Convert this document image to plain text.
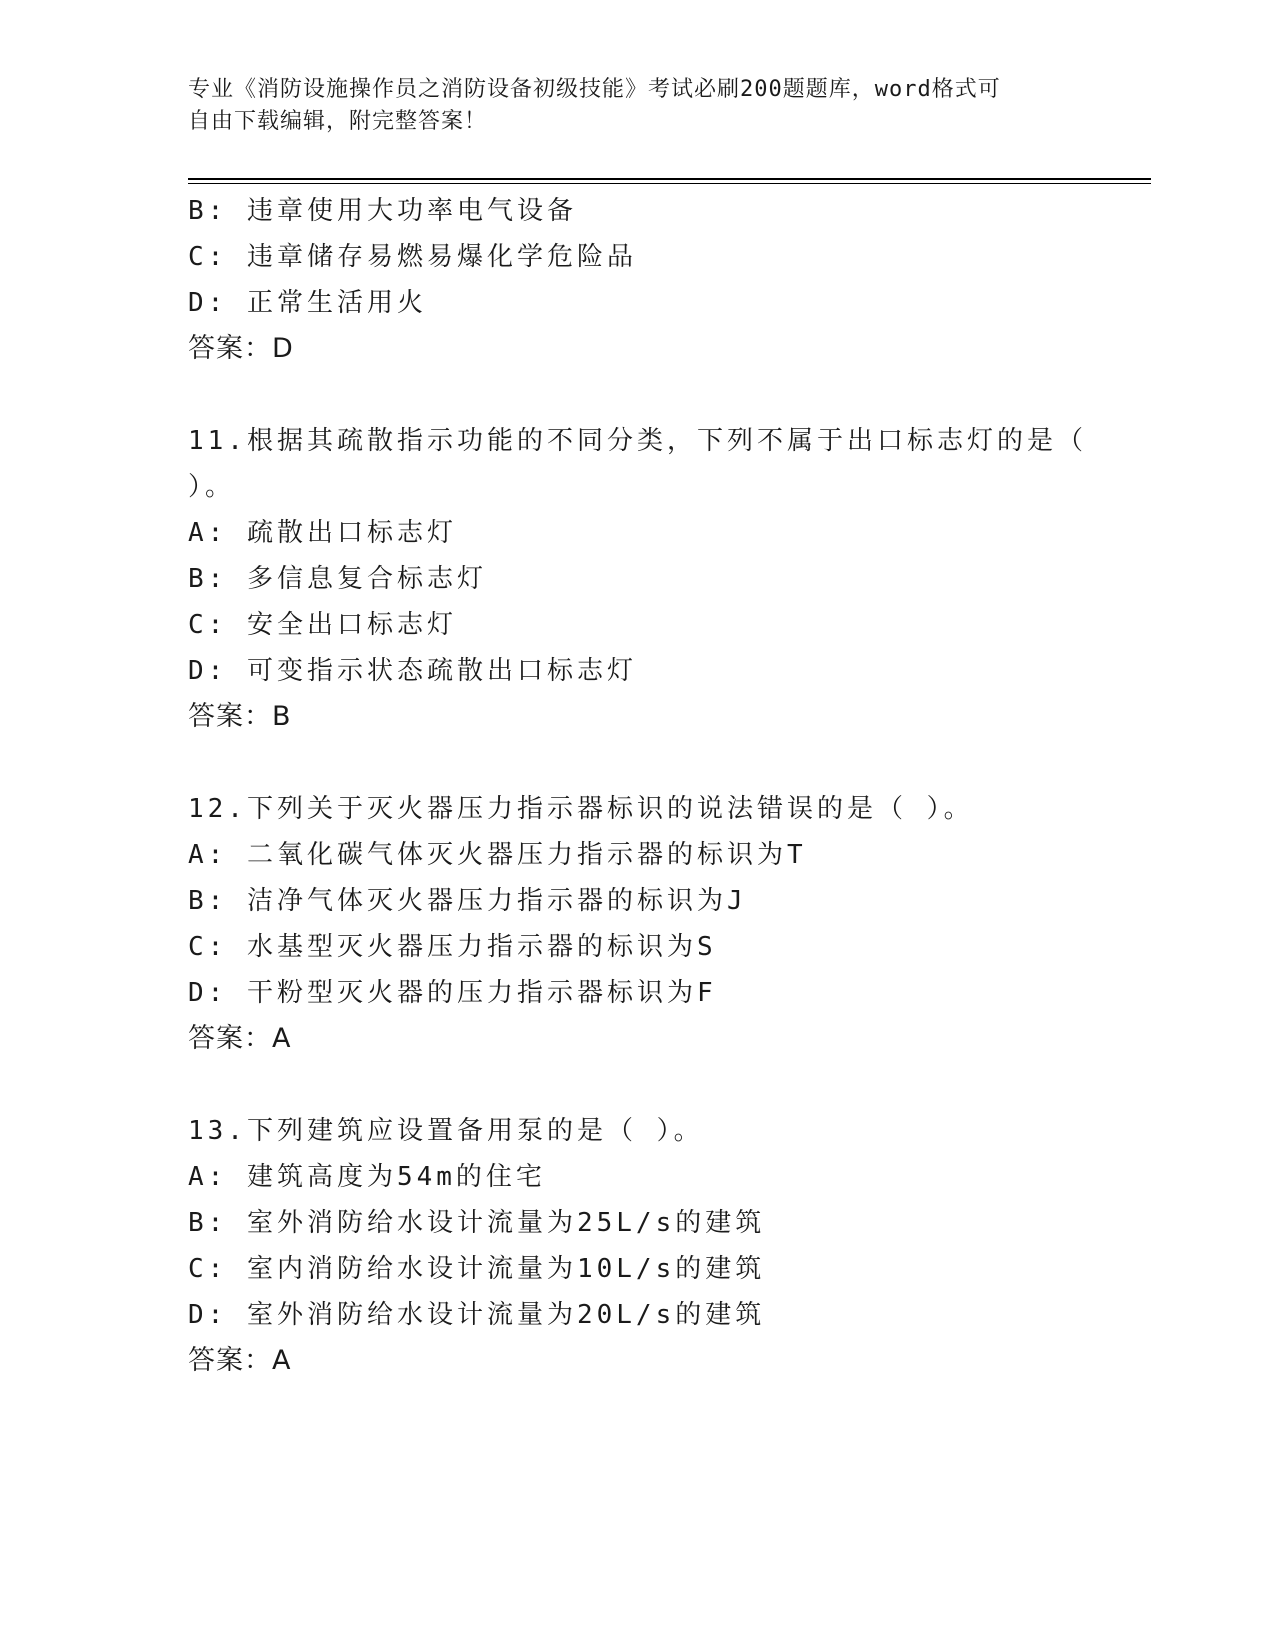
专业《消防设施操作员之消防设备初级技能》考试必刷200题题库，word格式可
自由下载编辑，附完整答案！
B: 违章使用大功率电气设备
C: 违章储存易燃易爆化学危险品
D: 正常生活用火
答案：D
11.根据其疏散指示功能的不同分类，下列不属于出口标志灯的是（
）。
A: 疏散出口标志灯
B: 多信息复合标志灯
C: 安全出口标志灯
D: 可变指示状态疏散出口标志灯
答案：B
12.下列关于灭火器压力指示器标识的说法错误的是（ ）。
A: 二氧化碳气体灭火器压力指示器的标识为T
B: 洁净气体灭火器压力指示器的标识为J
C: 水基型灭火器压力指示器的标识为S
D: 干粉型灭火器的压力指示器标识为F
答案：A
13.下列建筑应设置备用泵的是（ ）。
A: 建筑高度为54m的住宅
B: 室外消防给水设计流量为25L/s的建筑
C: 室内消防给水设计流量为10L/s的建筑
D: 室外消防给水设计流量为20L/s的建筑
答案：A
